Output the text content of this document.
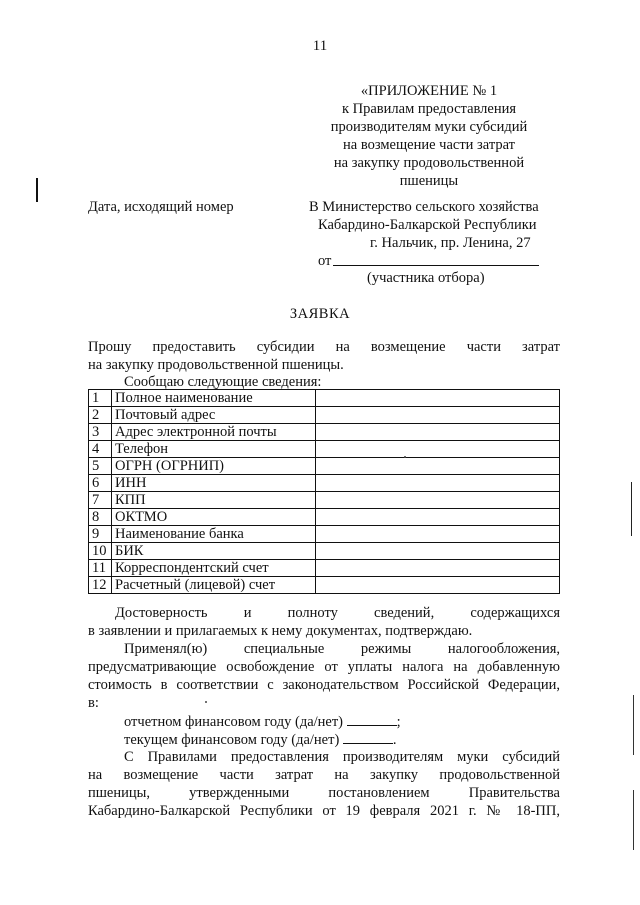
11
«ПРИЛОЖЕНИЕ № 1
к Правилам предоставления
производителям муки субсидий
на возмещение части затрат
на закупку продовольственной
пшеницы
Дата, исходящий номер	В Министерство сельского хозяйства
Кабардино-Балкарской Республики
г. Нальчик, пр. Ленина, 27
от
(участника отбора)
ЗАЯВКА
Прошу предоставить субсидии на возмещение части затрат
на закупку продовольственной пшеницы.
Сообщаю следующие сведения:
1	Полное наименование	
2	Почтовый адрес	
3	Адрес электронной почты	
4	Телефон	
5	ОГРН (ОГРНИП)	
6	ИНН	
7	КПП	
8	ОКТМО	
9	Наименование банка	
10	БИК	
11	Корреспондентский счет	
12	Расчетный (лицевой) счет	
Достоверность и полноту сведений, содержащихся
в заявлении и прилагаемых к нему документах, подтверждаю.
Применял(ю) специальные режимы налогообложения,
предусматривающие освобождение от уплаты налога на добавленную
стоимость в соответствии с законодательством Российской Федерации,
в:
отчетном финансовом году (да/нет)	;
текущем финансовом году (да/нет)	.
С Правилами предоставления производителям муки субсидий
на возмещение части затрат на закупку продовольственной
пшеницы, утвержденными постановлением Правительства
Кабардино-Балкарской Республики от 19 февраля 2021 г. № 18-ПП,
